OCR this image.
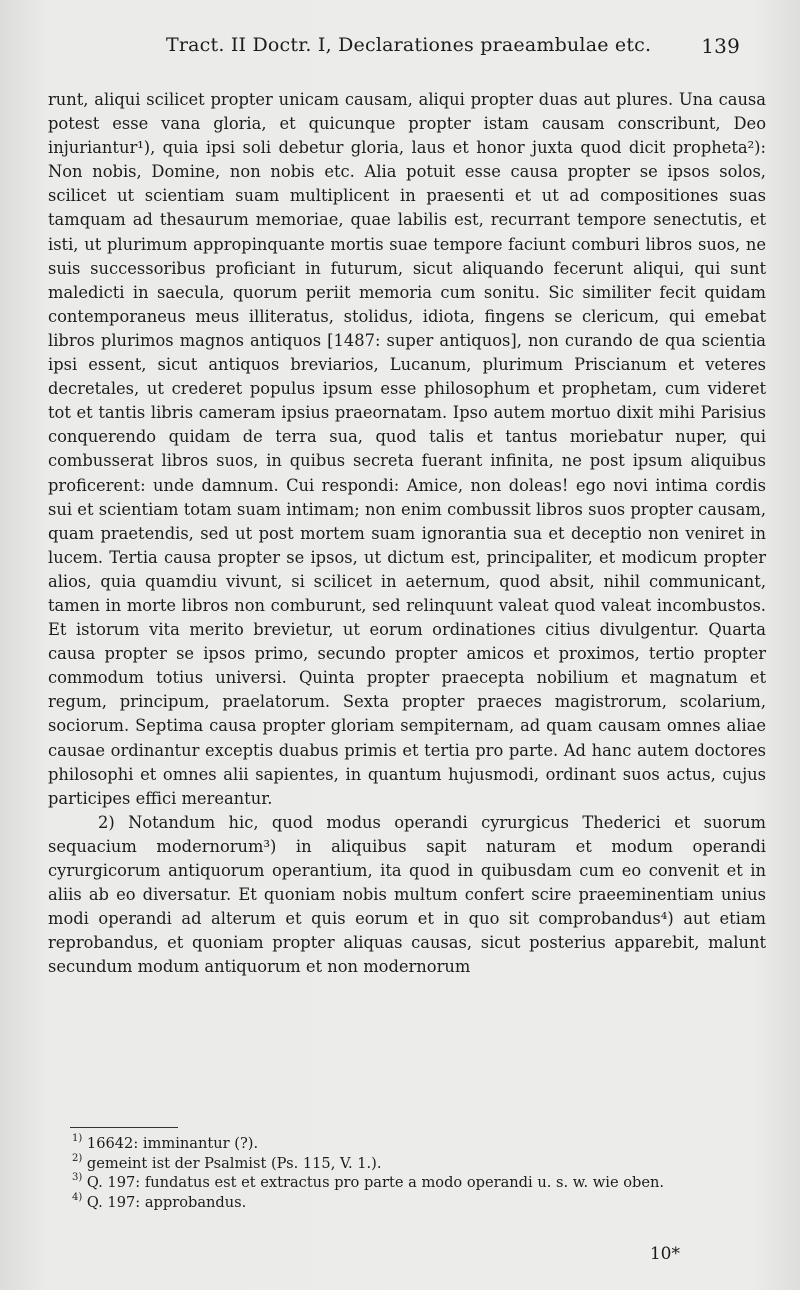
Tract. II Doctr. I, Declarationes praeambulae etc. 139

runt, aliqui scilicet propter unicam causam, aliqui propter duas aut plures. Una causa potest esse vana gloria, et quicunque propter istam causam conscribunt, Deo injuriantur¹), quia ipsi soli debetur gloria, laus et honor juxta quod dicit propheta²): Non nobis, Domine, non nobis etc. Alia potuit esse causa propter se ipsos solos, scilicet ut scientiam suam multiplicent in praesenti et ut ad compositiones suas tamquam ad thesaurum memoriae, quae labilis est, recurrant tempore senectutis, et isti, ut plurimum appropinquante mortis suae tempore faciunt comburi libros suos, ne suis successoribus proficiant in futurum, sicut aliquando fecerunt aliqui, qui sunt maledicti in saecula, quorum periit memoria cum sonitu. Sic similiter fecit quidam contemporaneus meus illiteratus, stolidus, idiota, fingens se clericum, qui emebat libros plurimos magnos antiquos [1487: super antiquos], non curando de qua scientia ipsi essent, sicut antiquos breviarios, Lucanum, plurimum Priscianum et veteres decretales, ut crederet populus ipsum esse philosophum et prophetam, cum videret tot et tantis libris cameram ipsius praeornatam. Ipso autem mortuo dixit mihi Parisius conquerendo quidam de terra sua, quod talis et tantus moriebatur nuper, qui combusserat libros suos, in quibus secreta fuerant infinita, ne post ipsum aliquibus proficerent: unde damnum. Cui respondi: Amice, non doleas! ego novi intima cordis sui et scientiam totam suam intimam; non enim combussit libros suos propter causam, quam praetendis, sed ut post mortem suam ignorantia sua et deceptio non veniret in lucem. Tertia causa propter se ipsos, ut dictum est, principaliter, et modicum propter alios, quia quamdiu vivunt, si scilicet in aeternum, quod absit, nihil communicant, tamen in morte libros non comburunt, sed relinquunt valeat quod valeat incombustos. Et istorum vita merito brevietur, ut eorum ordinationes citius divulgentur. Quarta causa propter se ipsos primo, secundo propter amicos et proximos, tertio propter commodum totius universi. Quinta propter praecepta nobilium et magnatum et regum, principum, praelatorum. Sexta propter praeces magistrorum, scolarium, sociorum. Septima causa propter gloriam sempiternam, ad quam causam omnes aliae causae ordinantur exceptis duabus primis et tertia pro parte. Ad hanc autem doctores philosophi et omnes alii sapientes, in quantum hujusmodi, ordinant suos actus, cujus participes effici mereantur.

2) Notandum hic, quod modus operandi cyrurgicus Thederici et suorum sequacium modernorum³) in aliquibus sapit naturam et modum operandi cyrurgicorum antiquorum operantium, ita quod in quibusdam cum eo convenit et in aliis ab eo diversatur. Et quoniam nobis multum confert scire praeeminentiam unius modi operandi ad alterum et quis eorum et in quo sit comprobandus⁴) aut etiam reprobandus, et quoniam propter aliquas causas, sicut posterius apparebit, malunt secundum modum antiquorum et non modernorum

$^{1)}$ 16642: imminantur (?).

$^{2)}$ gemeint ist der Psalmist (Ps. 115, V. 1.).

$^{3)}$ Q. 197: fundatus est et extractus pro parte a modo operandi u. s. w. wie oben.

$^{4)}$ Q. 197: approbandus.

10*
